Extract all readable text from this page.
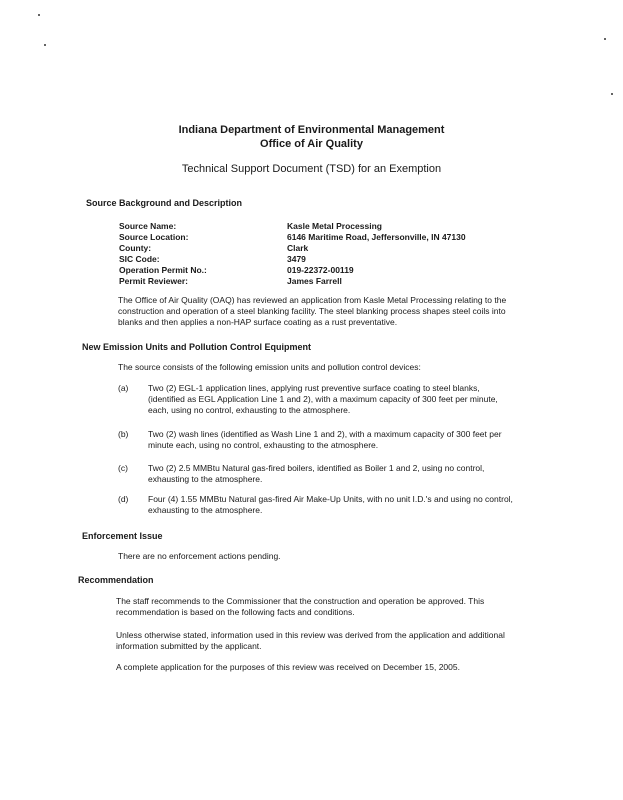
Indiana Department of Environmental Management
Office of Air Quality
Technical Support Document (TSD) for an Exemption
Source Background and Description
Source Name:	Kasle Metal Processing
Source Location:	6146 Maritime Road, Jeffersonville, IN 47130
County:	Clark
SIC Code:	3479
Operation Permit No.:	019-22372-00119
Permit Reviewer:	James Farrell
The Office of Air Quality (OAQ) has reviewed an application from Kasle Metal Processing relating to the construction and operation of a steel blanking facility. The steel blanking process shapes steel coils into blanks and then applies a non-HAP surface coating as a rust preventative.
New Emission Units and Pollution Control Equipment
The source consists of the following emission units and pollution control devices:
(a) Two (2) EGL-1 application lines, applying rust preventive surface coating to steel blanks, (identified as EGL Application Line 1 and 2), with a maximum capacity of 300 feet per minute, each, using no control, exhausting to the atmosphere.
(b) Two (2) wash lines (identified as Wash Line 1 and 2), with a maximum capacity of 300 feet per minute each, using no control, exhausting to the atmosphere.
(c) Two (2) 2.5 MMBtu Natural gas-fired boilers, identified as Boiler 1 and 2, using no control, exhausting to the atmosphere.
(d) Four (4) 1.55 MMBtu Natural gas-fired Air Make-Up Units, with no unit I.D.'s and using no control, exhausting to the atmosphere.
Enforcement Issue
There are no enforcement actions pending.
Recommendation
The staff recommends to the Commissioner that the construction and operation be approved. This recommendation is based on the following facts and conditions.
Unless otherwise stated, information used in this review was derived from the application and additional information submitted by the applicant.
A complete application for the purposes of this review was received on December 15, 2005.
